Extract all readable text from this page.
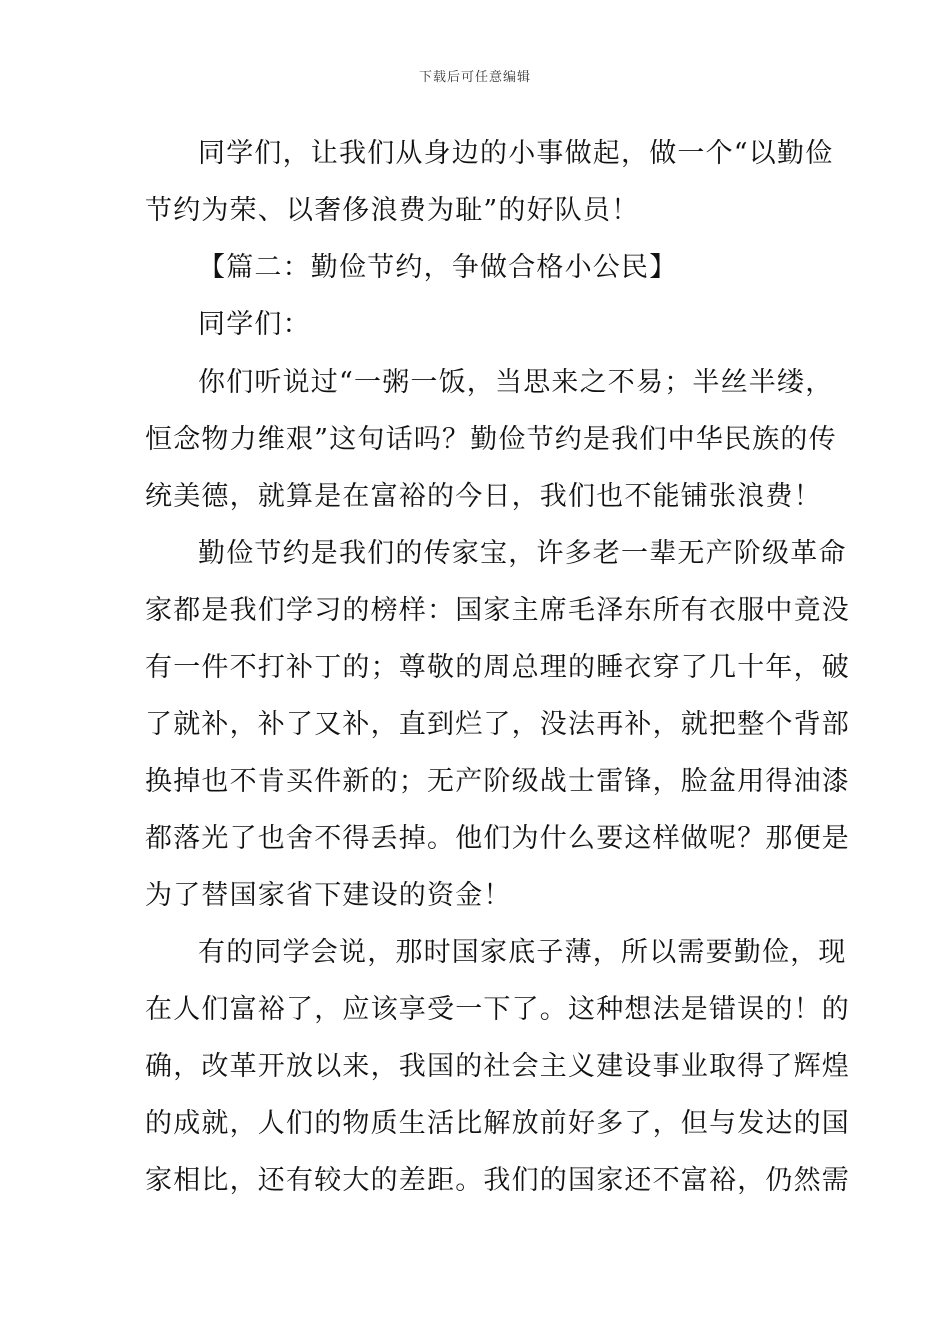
下载后可任意编辑
同学们，让我们从身边的小事做起，做一个“以勤俭
节约为荣、以奢侈浪费为耻”的好队员！
【篇二：勤俭节约，争做合格小公民】
同学们：
你们听说过“一粥一饭，当思来之不易；半丝半缕，
恒念物力维艰”这句话吗？勤俭节约是我们中华民族的传
统美德，就算是在富裕的今日，我们也不能铺张浪费！
勤俭节约是我们的传家宝，许多老一辈无产阶级革命
家都是我们学习的榜样：国家主席毛泽东所有衣服中竟没
有一件不打补丁的；尊敬的周总理的睡衣穿了几十年，破
了就补，补了又补，直到烂了，没法再补，就把整个背部
换掉也不肯买件新的；无产阶级战士雷锋，脸盆用得油漆
都落光了也舍不得丢掉。他们为什么要这样做呢？那便是
为了替国家省下建设的资金！
有的同学会说，那时国家底子薄，所以需要勤俭，现
在人们富裕了，应该享受一下了。这种想法是错误的！的
确，改革开放以来，我国的社会主义建设事业取得了辉煌
的成就，人们的物质生活比解放前好多了，但与发达的国
家相比，还有较大的差距。我们的国家还不富裕，仍然需
